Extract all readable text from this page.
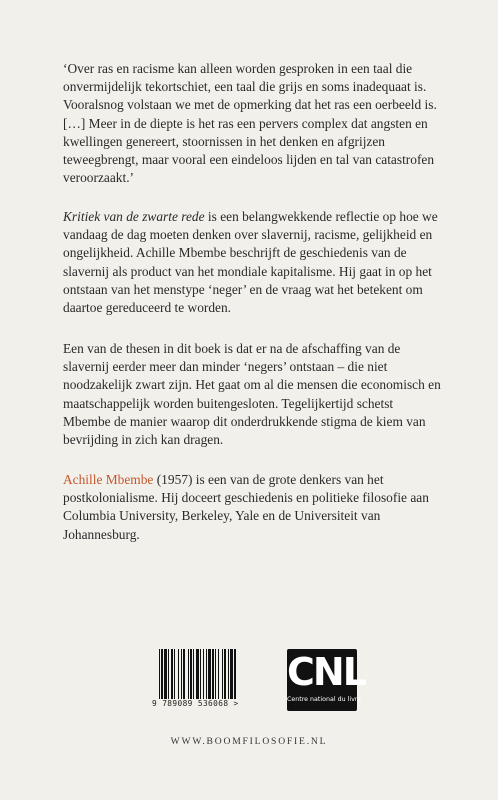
‘Over ras en racisme kan alleen worden gesproken in een taal die onvermijdelijk tekortschiet, een taal die grijs en soms inadequaat is. Vooralsnog volstaan we met de opmerking dat het ras een oerbeeld is. […] Meer in de diepte is het ras een pervers complex dat angsten en kwellingen genereert, stoornissen in het denken en afgrijzen teweegbrengt, maar vooral een eindeloos lijden en tal van catastrofen veroorzaakt.’

Kritiek van de zwarte rede is een belangwekkende reflectie op hoe we vandaag de dag moeten denken over slavernij, racisme, gelijkheid en ongelijkheid. Achille Mbembe beschrijft de geschiedenis van de slavernij als product van het mondiale kapitalisme. Hij gaat in op het ontstaan van het menstype ‘neger’ en de vraag wat het betekent om daartoe gereduceerd te worden.

Een van de thesen in dit boek is dat er na de afschaffing van de slavernij eerder meer dan minder ‘negers’ ontstaan – die niet noodzakelijk zwart zijn. Het gaat om al die mensen die economisch en maatschappelijk worden buitengesloten. Tegelijkertijd schetst Mbembe de manier waarop dit onderdrukkende stigma de kiem van bevrijding in zich kan dragen.

Achille Mbembe (1957) is een van de grote denkers van het postkolonialisme. Hij doceert geschiedenis en politieke filosofie aan Columbia University, Berkeley, Yale en de Universiteit van Johannesburg.

9 789089 536068 >
CNL
Centre national du livre
WWW.BOOMFILOSOFIE.NL
